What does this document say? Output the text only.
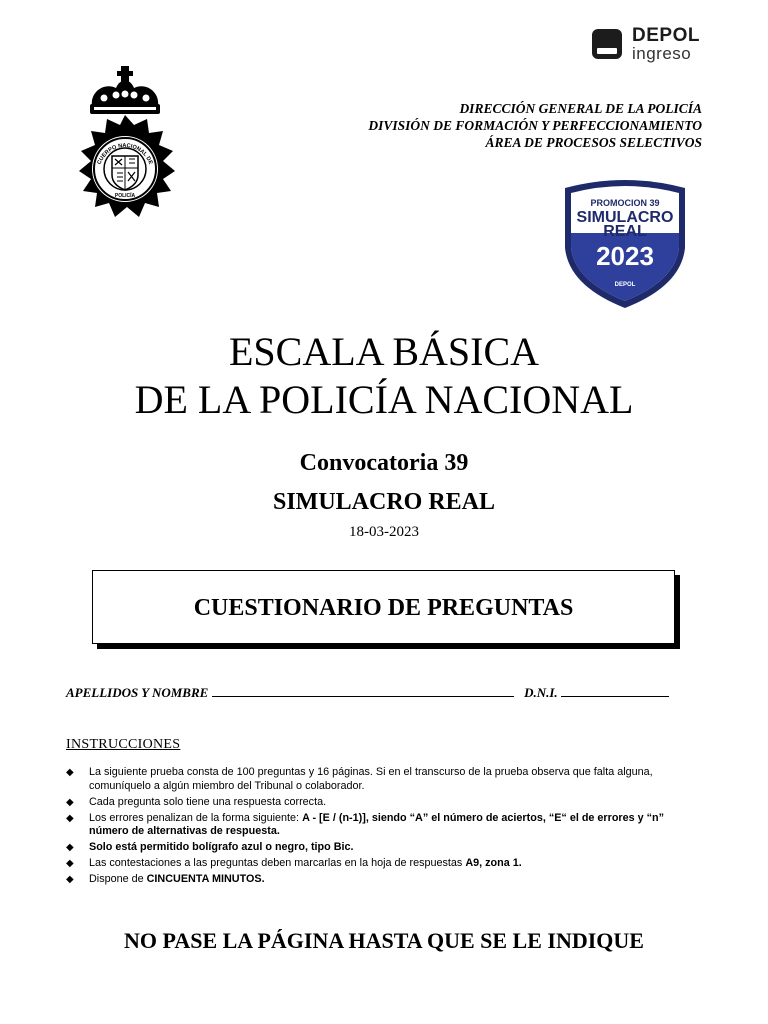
DEPOL
ingreso
CUERPO NACIONAL DE
POLICÍA
DIRECCIÓN GENERAL DE LA POLICÍA
DIVISIÓN DE FORMACIÓN Y PERFECCIONAMIENTO
ÁREA DE PROCESOS SELECTIVOS
PROMOCION 39
SIMULACRO
REAL
2023
DEPOL
ESCALA BÁSICA
DE LA POLICÍA NACIONAL
Convocatoria 39
SIMULACRO REAL
18-03-2023
CUESTIONARIO DE PREGUNTAS
APELLIDOS Y NOMBRE	D.N.I.
INSTRUCCIONES
◆ La siguiente prueba consta de 100 preguntas y 16 páginas. Si en el transcurso de la prueba observa que falta alguna, comuníquelo a algún miembro del Tribunal o colaborador.
◆ Cada pregunta solo tiene una respuesta correcta.
◆ Los errores penalizan de la forma siguiente: A - [E / (n-1)], siendo “A” el número de aciertos, “E“ el de errores y “n” número de alternativas de respuesta.
◆ Solo está permitido bolígrafo azul o negro, tipo Bic.
◆ Las contestaciones a las preguntas deben marcarlas en la hoja de respuestas A9, zona 1.
◆ Dispone de CINCUENTA MINUTOS.
NO PASE LA PÁGINA HASTA QUE SE LE INDIQUE
